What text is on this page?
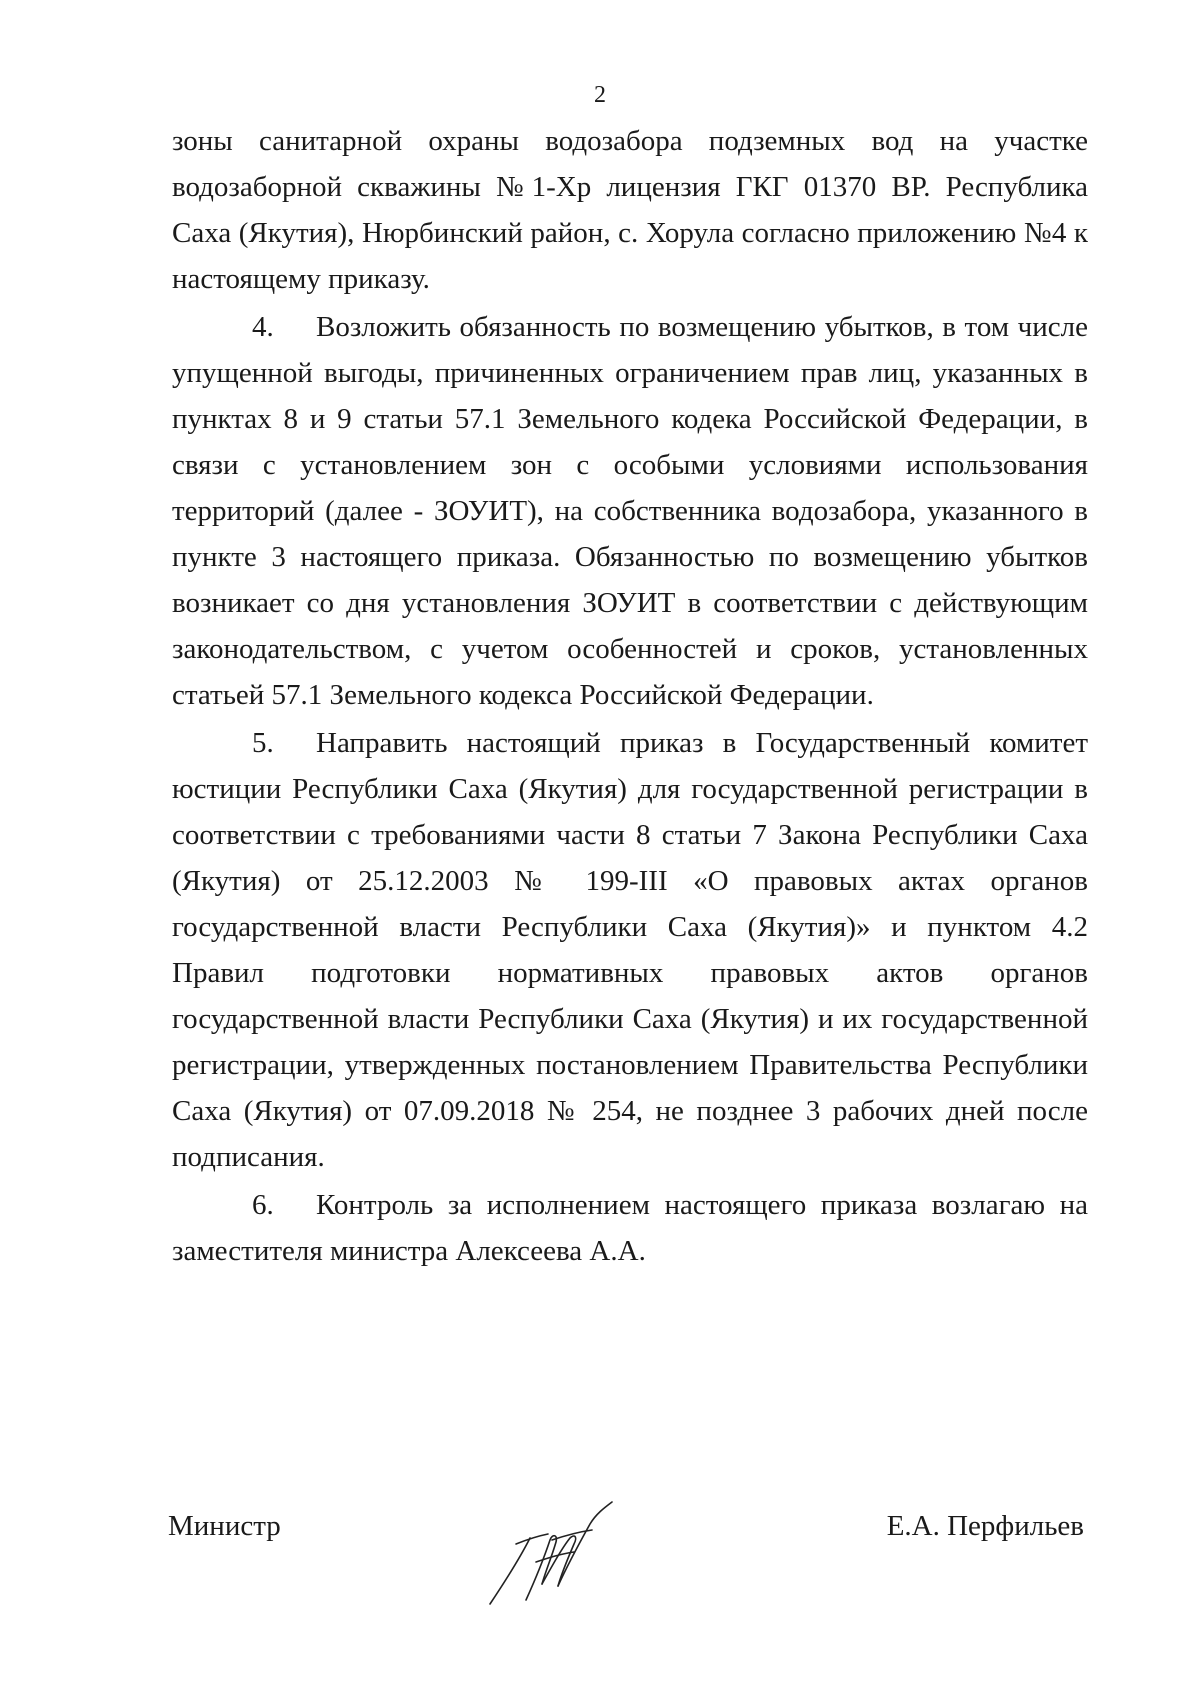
2

зоны санитарной охраны водозабора подземных вод на участке водозаборной скважины №1-Хр лицензия ГКГ 01370 ВР. Республика Саха (Якутия), Нюрбинский район, с. Хорула согласно приложению №4 к настоящему приказу.

4. Возложить обязанность по возмещению убытков, в том числе упущенной выгоды, причиненных ограничением прав лиц, указанных в пунктах 8 и 9 статьи 57.1 Земельного кодека Российской Федерации, в связи с установлением зон с особыми условиями использования территорий (далее - ЗОУИТ), на собственника водозабора, указанного в пункте 3 настоящего приказа. Обязанностью по возмещению убытков возникает со дня установления ЗОУИТ в соответствии с действующим законодательством, с учетом особенностей и сроков, установленных статьей 57.1 Земельного кодекса Российской Федерации.

5. Направить настоящий приказ в Государственный комитет юстиции Республики Саха (Якутия) для государственной регистрации в соответствии с требованиями части 8 статьи 7 Закона Республики Саха (Якутия) от 25.12.2003 № 199-III «О правовых актах органов государственной власти Республики Саха (Якутия)» и пунктом 4.2 Правил подготовки нормативных правовых актов органов государственной власти Республики Саха (Якутия) и их государственной регистрации, утвержденных постановлением Правительства Республики Саха (Якутия) от 07.09.2018 № 254, не позднее 3 рабочих дней после подписания.

6. Контроль за исполнением настоящего приказа возлагаю на заместителя министра Алексеева А.А.

Министр	Е.А. Перфильев
